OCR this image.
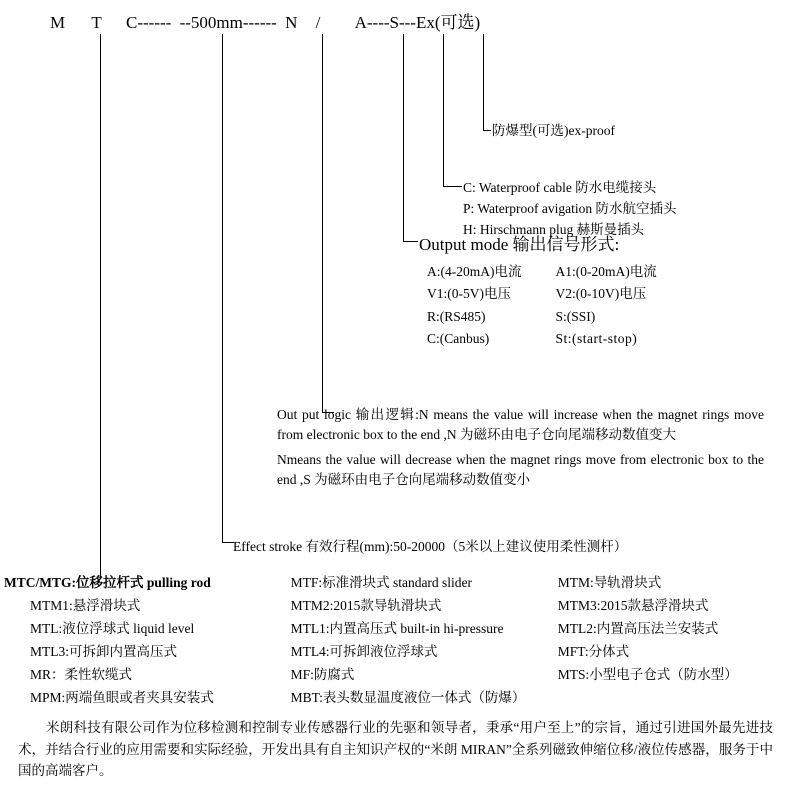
M T C------ --500mm------ N / A----S---Ex(可选)
防爆型(可选)ex-proof
C: Waterproof cable 防水电缆接头
P: Waterproof avigation 防水航空插头
H: Hirschmann plug 赫斯曼插头
Output mode 输出信号形式:
A:(4-20mA)电流	A1:(0-20mA)电流
V1:(0-5V)电压	V2:(0-10V)电压
R:(RS485)	S:(SSI)
C:(Canbus)	St:(start-stop)
Out put logic 输出逻辑:N means the value will increase when the magnet rings move from electronic box to the end ,N 为磁环由电子仓向尾端移动数值变大
Nmeans the value will decrease when the magnet rings move from electronic box to the end ,S 为磁环由电子仓向尾端移动数值变小
Effect stroke 有效行程(mm):50-20000（5米以上建议使用柔性测杆）
MTC/MTG:位移拉杆式 pulling rod	MTF:标准滑块式 standard slider	MTM:导轨滑块式
MTM1:悬浮滑块式	MTM2:2015款导轨滑块式	MTM3:2015款悬浮滑块式
MTL:液位浮球式 liquid level	MTL1:内置高压式 built-in hi-pressure	MTL2:内置高压法兰安装式
MTL3:可拆卸内置高压式	MTL4:可拆卸液位浮球式	MFT:分体式
MR：柔性软缆式	MF:防腐式	MTS:小型电子仓式（防水型）
MPM:两端鱼眼或者夹具安装式	MBT:表头数显温度液位一体式（防爆）	
米朗科技有限公司作为位移检测和控制专业传感器行业的先驱和领导者，秉承“用户至上”的宗旨，通过引进国外最先进技术，并结合行业的应用需要和实际经验，开发出具有自主知识产权的“米朗 MIRAN”全系列磁致伸缩位移/液位传感器，服务于中国的高端客户。
